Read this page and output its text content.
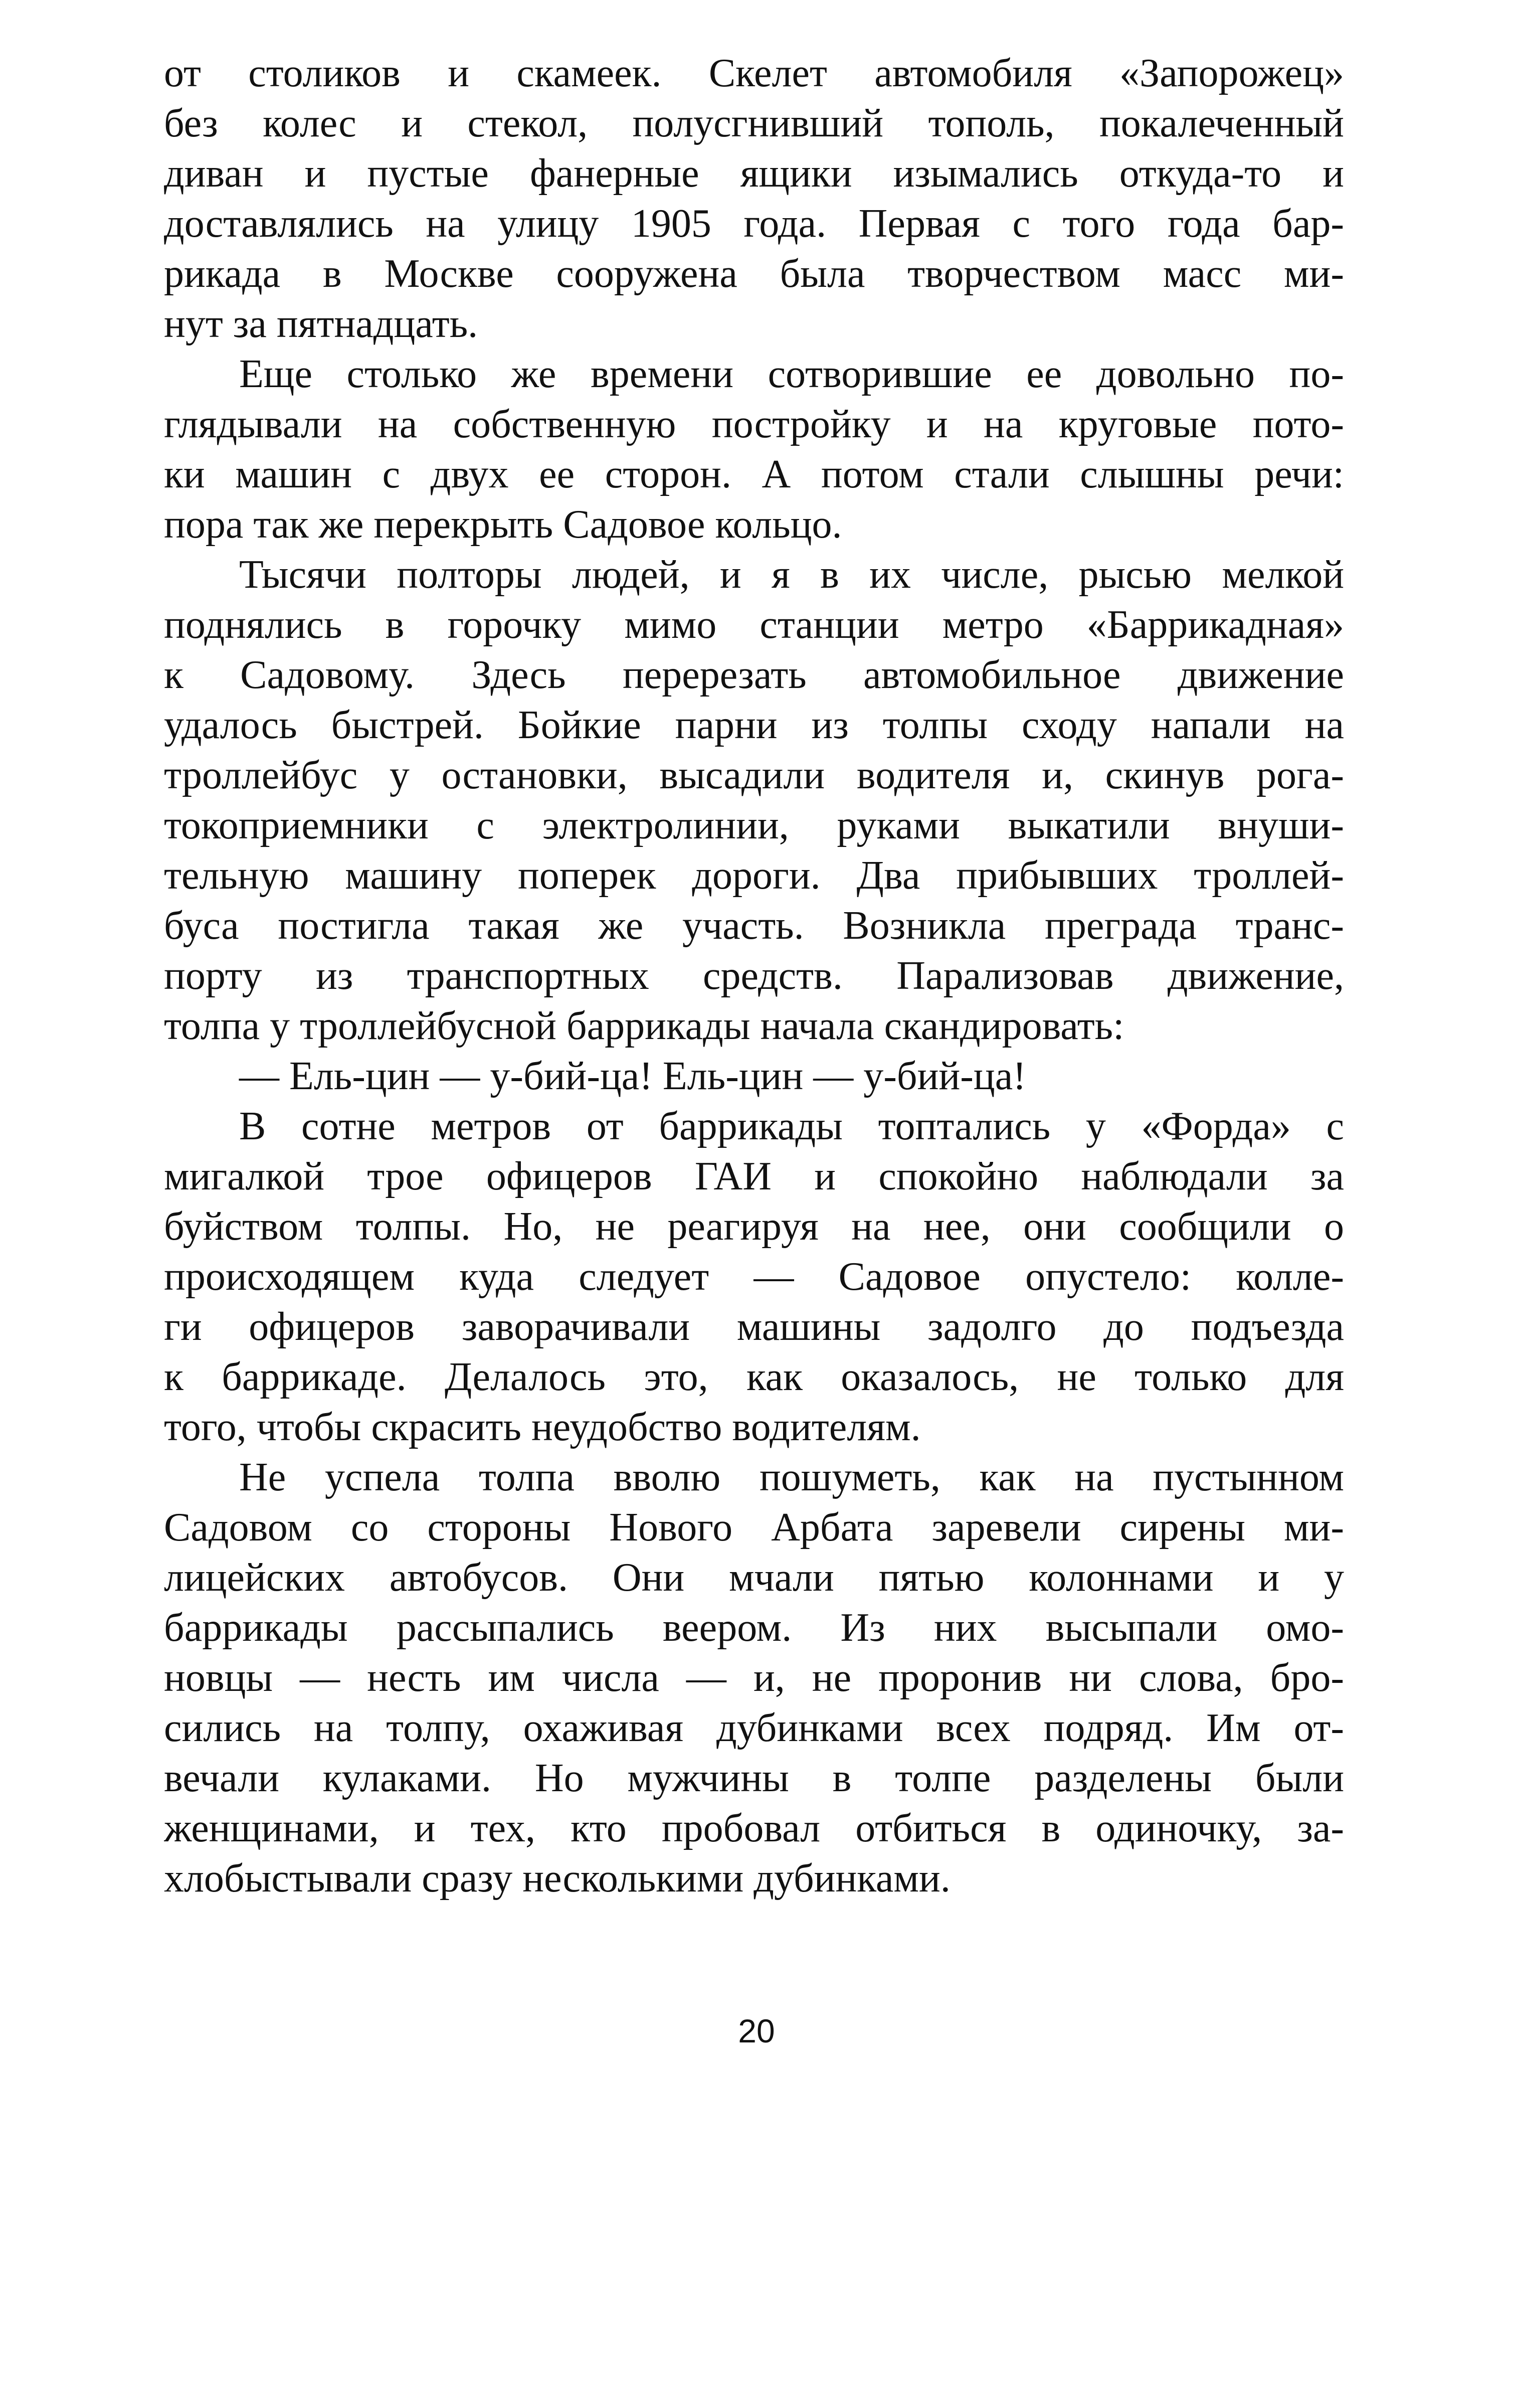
от столиков и скамеек. Скелет автомобиля «Запорожец»
без колес и стекол, полусгнивший тополь, покалеченный
диван и пустые фанерные ящики изымались откуда-то и
доставлялись на улицу 1905 года. Первая с того года бар-
рикада в Москве сооружена была творчеством масс ми-
нут за пятнадцать.
Еще столько же времени сотворившие ее довольно по-
глядывали на собственную постройку и на круговые пото-
ки машин с двух ее сторон. А потом стали слышны речи:
пора так же перекрыть Садовое кольцо.
Тысячи полторы людей, и я в их числе, рысью мелкой
поднялись в горочку мимо станции метро «Баррикадная»
к Садовому. Здесь перерезать автомобильное движение
удалось быстрей. Бойкие парни из толпы сходу напали на
троллейбус у остановки, высадили водителя и, скинув рога-
токоприемники с электролинии, руками выкатили внуши-
тельную машину поперек дороги. Два прибывших троллей-
буса постигла такая же участь. Возникла преграда транс-
порту из транспортных средств. Парализовав движение,
толпа у троллейбусной баррикады начала скандировать:
— Ель-цин — у-бий-ца! Ель-цин — у-бий-ца!
В сотне метров от баррикады топтались у «Форда» с
мигалкой трое офицеров ГАИ и спокойно наблюдали за
буйством толпы. Но, не реагируя на нее, они сообщили о
происходящем куда следует — Садовое опустело: колле-
ги офицеров заворачивали машины задолго до подъезда
к баррикаде. Делалось это, как оказалось, не только для
того, чтобы скрасить неудобство водителям.
Не успела толпа вволю пошуметь, как на пустынном
Садовом со стороны Нового Арбата заревели сирены ми-
лицейских автобусов. Они мчали пятью колоннами и у
баррикады рассыпались веером. Из них высыпали омо-
новцы — несть им числа — и, не проронив ни слова, бро-
сились на толпу, охаживая дубинками всех подряд. Им от-
вечали кулаками. Но мужчины в толпе разделены были
женщинами, и тех, кто пробовал отбиться в одиночку, за-
хлобыстывали сразу несколькими дубинками.
20
